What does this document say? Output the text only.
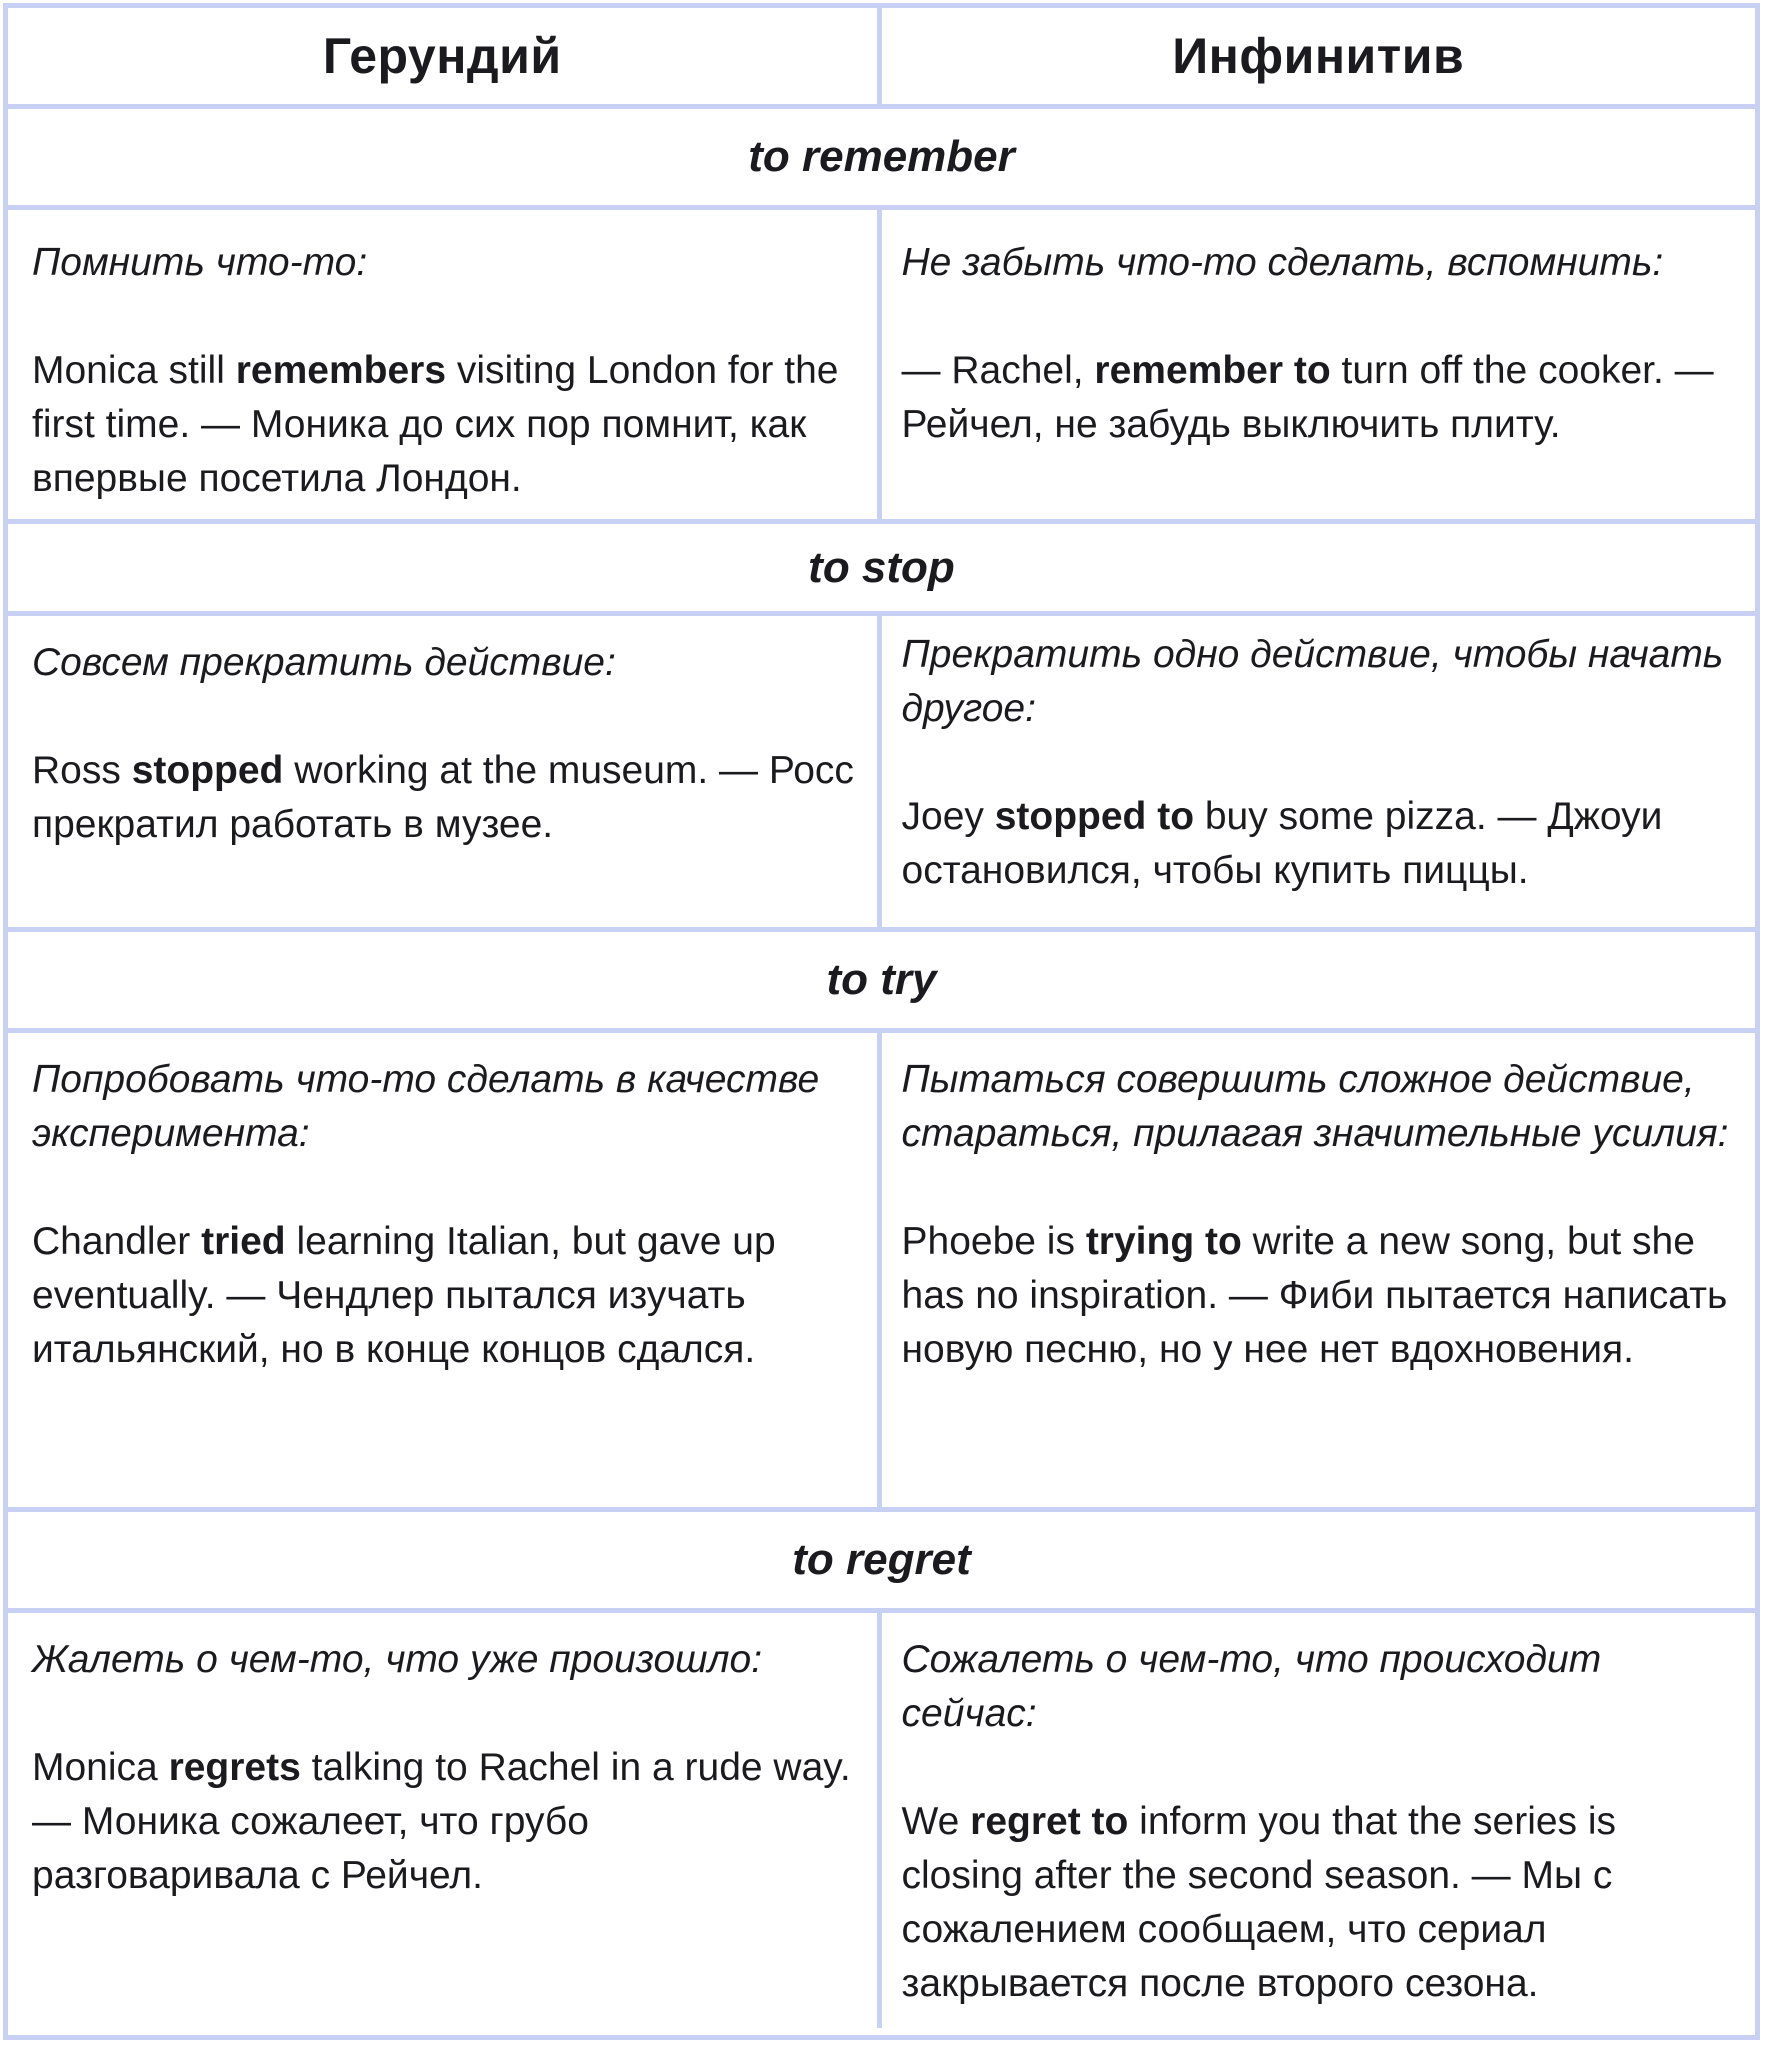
Герундий	Инфинитив
to remember

Помнить что-то:

Monica still remembers visiting London for the first time. — Моника до сих пор помнит, как впервые посетила Лондон.

Не забыть что-то сделать, вспомнить:

— Rachel, remember to turn off the cooker. — Рейчел, не забудь выключить плиту.

to stop

Совсем прекратить действие:

Ross stopped working at the museum. — Росс прекратил работать в музее.

Прекратить одно действие, чтобы начать другое:

Joey stopped to buy some pizza. — Джоуи остановился, чтобы купить пиццы.

to try

Попробовать что-то сделать в качестве эксперимента:

Chandler tried learning Italian, but gave up eventually. — Чендлер пытался изучать итальянский, но в конце концов сдался.

Пытаться совершить сложное действие, стараться, прилагая значительные усилия:

Phoebe is trying to write a new song, but she has no inspiration. — Фиби пытается написать новую песню, но у нее нет вдохновения.

to regret

Жалеть о чем-то, что уже произошло:

Monica regrets talking to Rachel in a rude way. — Моника сожалеет, что грубо разговаривала с Рейчел.

Сожалеть о чем-то, что происходит сейчас:

We regret to inform you that the series is closing after the second season. — Мы с сожалением сообщаем, что сериал закрывается после второго сезона.
